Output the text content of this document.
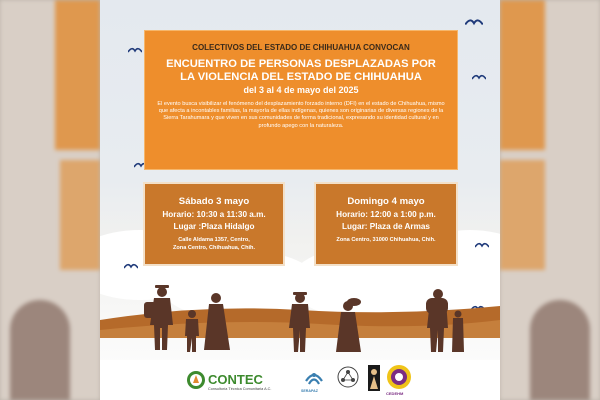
COLECTIVOS DEL ESTADO DE CHIHUAHUA CONVOCAN
ENCUENTRO DE PERSONAS DESPLAZADAS POR
LA VIOLENCIA DEL ESTADO DE CHIHUAHUA
del 3 al 4 de mayo del 2025
El evento busca visibilizar el fenómeno del desplazamiento forzado interno (DFI) en el estado de Chihuahua, mismo que afecta a incontables familias, la mayoría de ellas indígenas, quienes son originarias de diversas regiones de la Sierra Tarahumara y que viven en sus comunidades de forma tradicional, expresando su identidad cultural y en profundo apego con la naturaleza.
Sábado 3 mayo
Horario: 10:30 a 11:30 a.m.
Lugar :Plaza Hidalgo
Calle Aldama 1357, Centro,
Zona Centro, Chihuahua, Chih.
Domingo 4 mayo
Horario: 12:00 a 1:00 p.m.
Lugar: Plaza de Armas
Zona Centro, 31000 Chihuahua, Chih.
CONTEC
Consultoría Técnica Comunitaria A.C.	SERAPAZ	CEDEHM
